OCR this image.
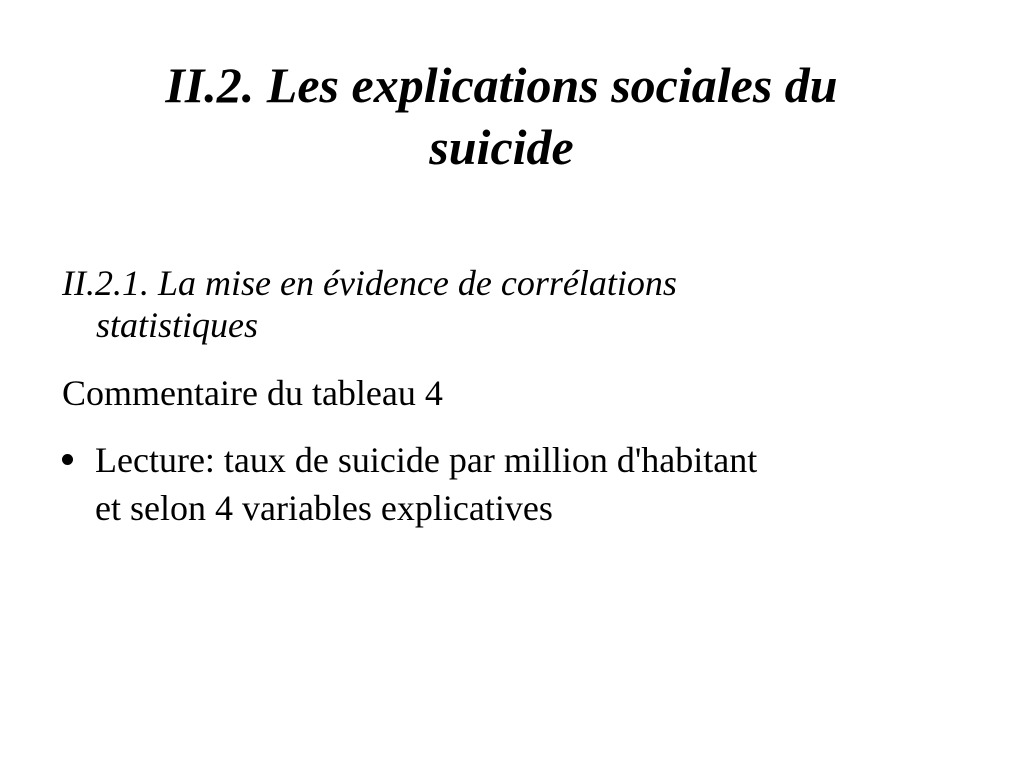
II.2. Les explications sociales du
suicide
II.2.1. La mise en évidence de corrélations
statistiques
Commentaire du tableau 4
Lecture: taux de suicide par million d'habitant
et selon 4 variables explicatives
